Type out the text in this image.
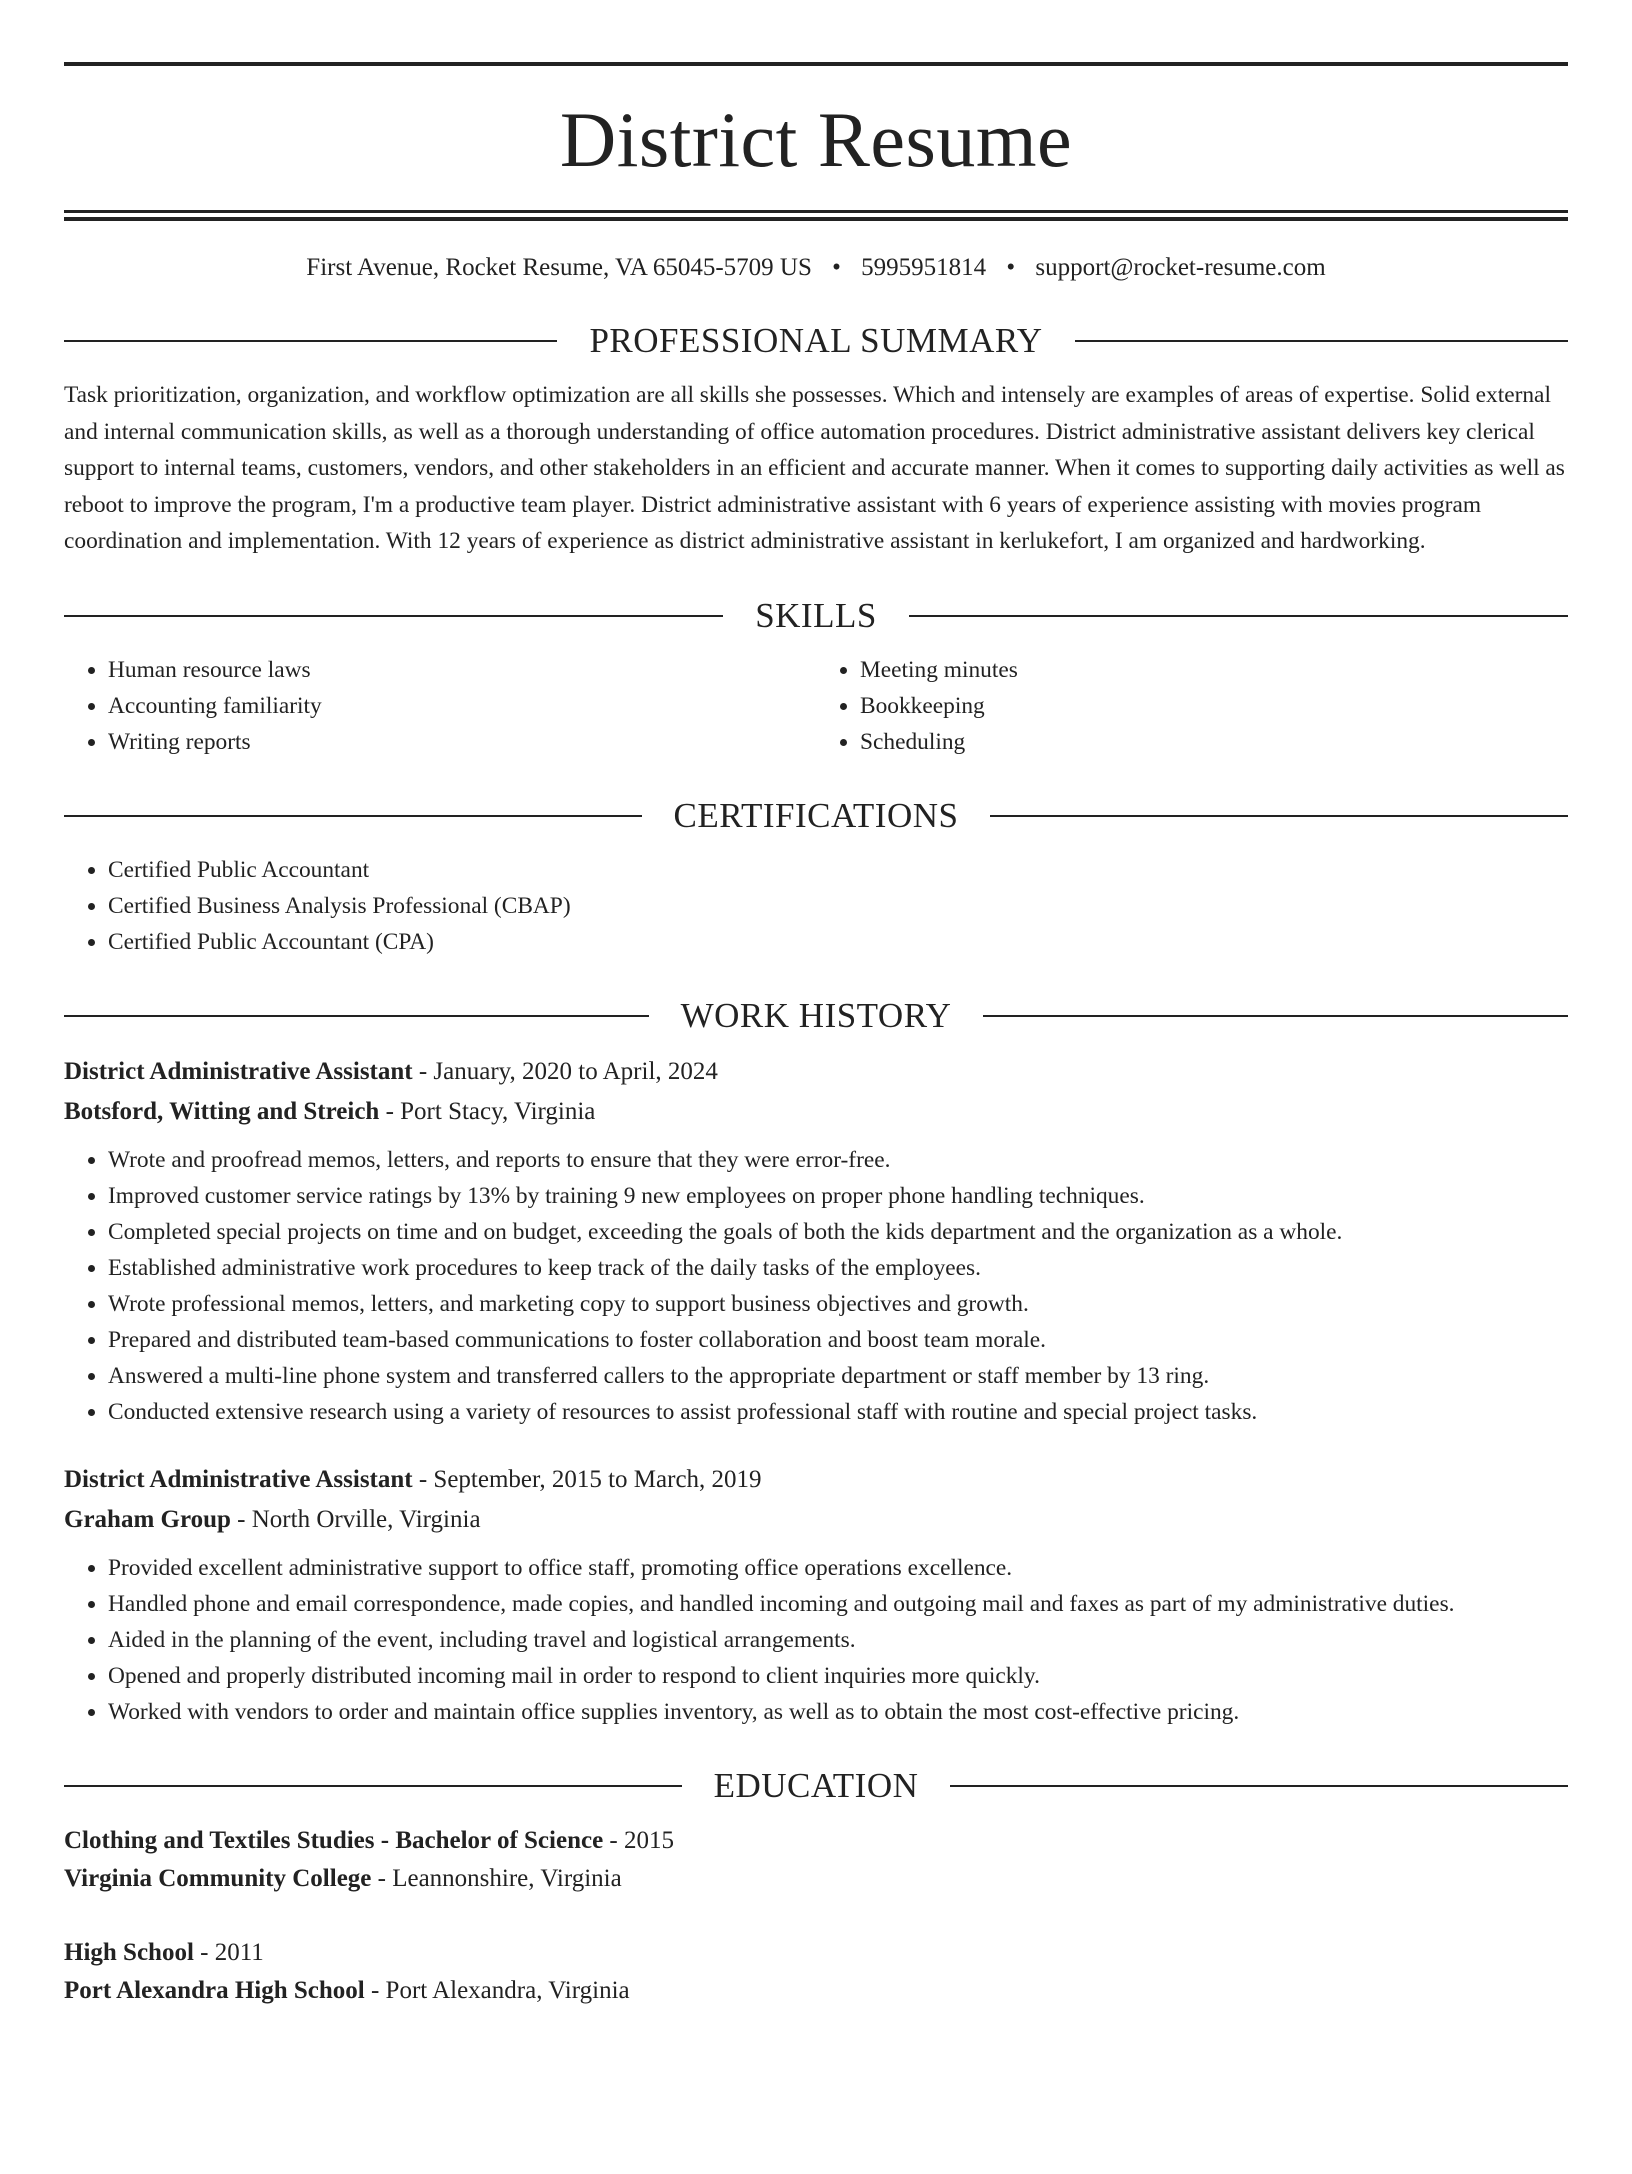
District Resume
First Avenue, Rocket Resume, VA 65045-5709 US • 5995951814 • support@rocket-resume.com
PROFESSIONAL SUMMARY

Task prioritization, organization, and workflow optimization are all skills she possesses. Which and intensely are examples of areas of expertise. Solid external and internal communication skills, as well as a thorough understanding of office automation procedures. District administrative assistant delivers key clerical support to internal teams, customers, vendors, and other stakeholders in an efficient and accurate manner. When it comes to supporting daily activities as well as reboot to improve the program, I'm a productive team player. District administrative assistant with 6 years of experience assisting with movies program coordination and implementation. With 12 years of experience as district administrative assistant in kerlukefort, I am organized and hardworking.

SKILLS
• Human resource laws
• Accounting familiarity
• Writing reports
• Meeting minutes
• Bookkeeping
• Scheduling
CERTIFICATIONS
• Certified Public Accountant
• Certified Business Analysis Professional (CBAP)
• Certified Public Accountant (CPA)
WORK HISTORY
District Administrative Assistant - January, 2020 to April, 2024
Botsford, Witting and Streich - Port Stacy, Virginia
• Wrote and proofread memos, letters, and reports to ensure that they were error-free.
• Improved customer service ratings by 13% by training 9 new employees on proper phone handling techniques.
• Completed special projects on time and on budget, exceeding the goals of both the kids department and the organization as a whole.
• Established administrative work procedures to keep track of the daily tasks of the employees.
• Wrote professional memos, letters, and marketing copy to support business objectives and growth.
• Prepared and distributed team-based communications to foster collaboration and boost team morale.
• Answered a multi-line phone system and transferred callers to the appropriate department or staff member by 13 ring.
• Conducted extensive research using a variety of resources to assist professional staff with routine and special project tasks.
District Administrative Assistant - September, 2015 to March, 2019
Graham Group - North Orville, Virginia
• Provided excellent administrative support to office staff, promoting office operations excellence.
• Handled phone and email correspondence, made copies, and handled incoming and outgoing mail and faxes as part of my administrative duties.
• Aided in the planning of the event, including travel and logistical arrangements.
• Opened and properly distributed incoming mail in order to respond to client inquiries more quickly.
• Worked with vendors to order and maintain office supplies inventory, as well as to obtain the most cost-effective pricing.
EDUCATION
Clothing and Textiles Studies - Bachelor of Science - 2015
Virginia Community College - Leannonshire, Virginia
High School - 2011
Port Alexandra High School - Port Alexandra, Virginia
